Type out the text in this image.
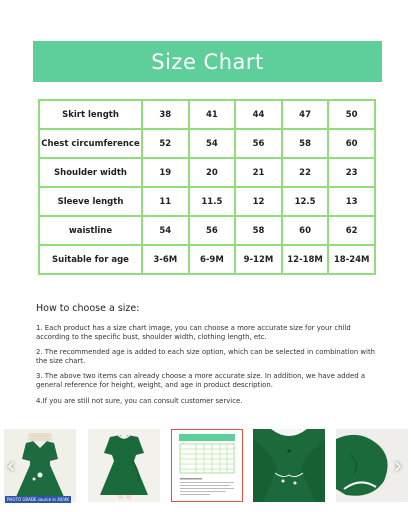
Size Chart
Skirt length	38	41	44	47	50
Chest circumference	52	54	56	58	60
Shoulder width	19	20	21	22	23
Sleeve length	11	11.5	12	12.5	13
waistline	54	56	58	60	62
Suitable for age	3-6M	6-9M	9-12M	12-18M	18-24M
How to choose a size:

1. Each product has a size chart image, you can choose a more accurate size for your child according to the specific bust, shoulder width, clothing length, etc.

2. The recommended age is added to each size option, which can be selected in combination with the size chart.

3. The above two items can already choose a more accurate size. In addition, we have added a general reference for height, weight, and age in product description.

4.If you are still not sure, you can consult customer service.

‹	›
PHOTO GRADE source in 4X/4K
